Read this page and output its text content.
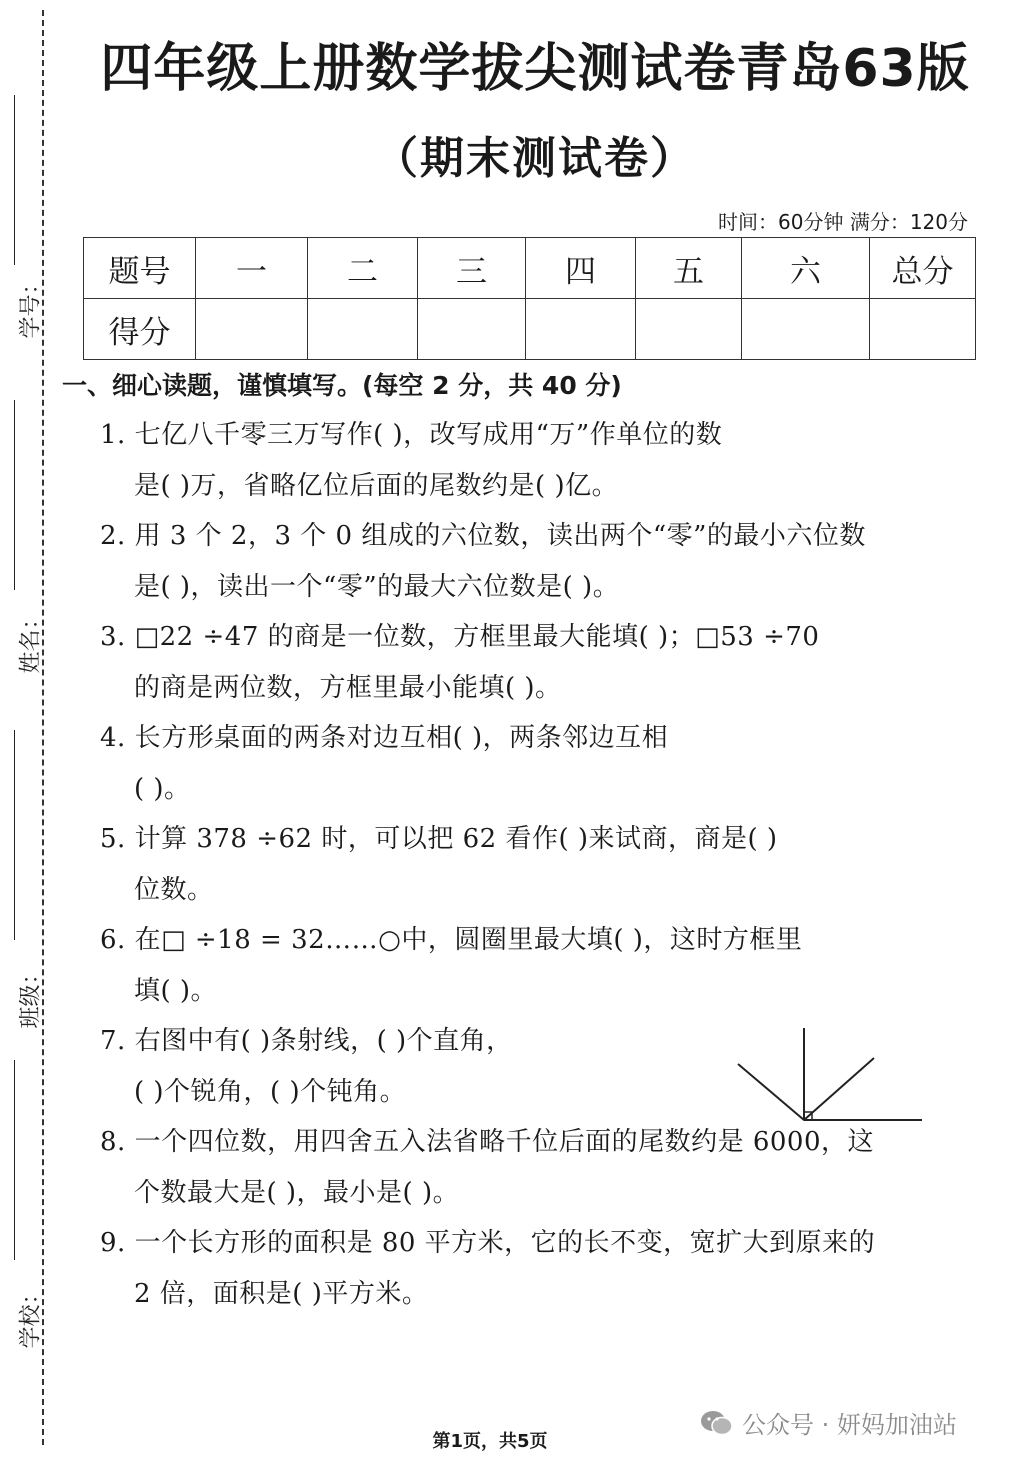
学号：
姓名：
班级：
学校：
四年级上册数学拔尖测试卷青岛63版
（期末测试卷）
时间：60分钟 满分：120分
题号	一	二	三	四	五	六	总分
得分							
一、细心读题，谨慎填写。(每空 2 分，共 40 分)
1. 七亿八千零三万写作( )，改写成用“万”作单位的数
是( )万，省略亿位后面的尾数约是( )亿。
2. 用 3 个 2，3 个 0 组成的六位数，读出两个“零”的最小六位数
是( )，读出一个“零”的最大六位数是( )。
3. □22 ÷47 的商是一位数，方框里最大能填( )；□53 ÷70
的商是两位数，方框里最小能填( )。
4. 长方形桌面的两条对边互相( )，两条邻边互相
( )。
5. 计算 378 ÷62 时，可以把 62 看作( )来试商，商是( )
位数。
6. 在□ ÷18 = 32……○中，圆圈里最大填( )，这时方框里
填( )。
7. 右图中有( )条射线，( )个直角，
( )个锐角，( )个钝角。
8. 一个四位数，用四舍五入法省略千位后面的尾数约是 6000，这
个数最大是( )，最小是( )。
9. 一个长方形的面积是 80 平方米，它的长不变，宽扩大到原来的
2 倍，面积是( )平方米。
第1页，共5页
公众号 · 妍妈加油站
